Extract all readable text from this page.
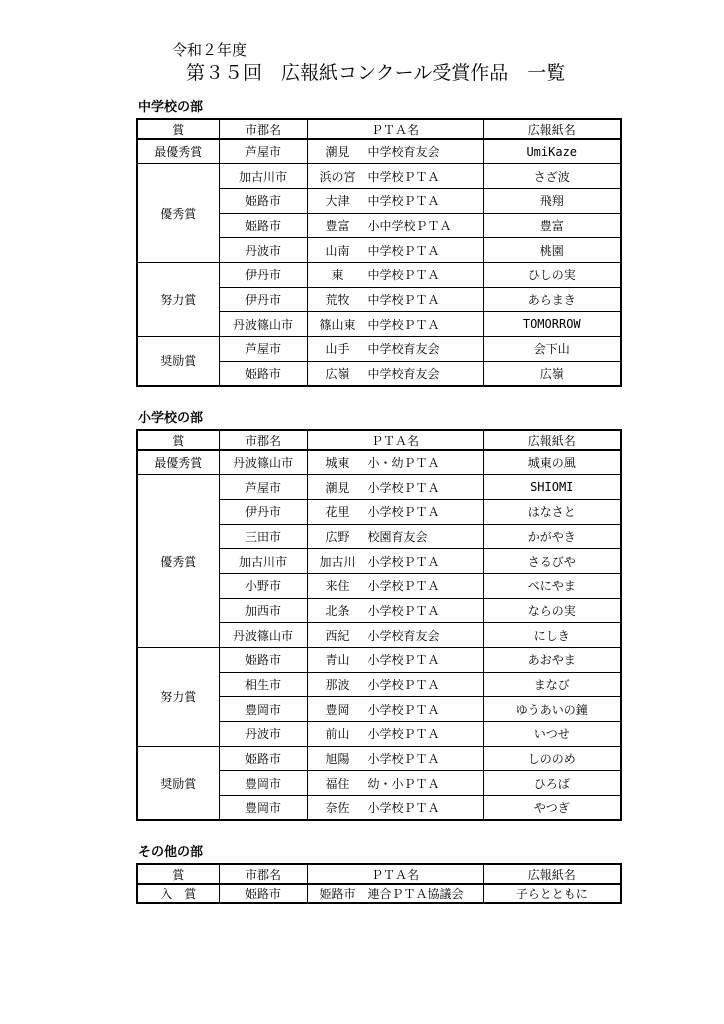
令和２年度
第３５回　広報紙コンクール受賞作品　一覧
中学校の部
賞	市郡名	ＰＴＡ名	広報紙名
最優秀賞	芦屋市	潮見 中学校育友会	UmiKaze
優秀賞	加古川市	浜の宮 中学校ＰＴＡ	さざ波
	姫路市	大津 中学校ＰＴＡ	飛翔
	姫路市	豊富 小中学校ＰＴＡ	豊富
	丹波市	山南 中学校ＰＴＡ	桃園
努力賞	伊丹市	東 中学校ＰＴＡ	ひしの実
	伊丹市	荒牧 中学校ＰＴＡ	あらまき
	丹波篠山市	篠山東 中学校ＰＴＡ	TOMORROW
奨励賞	芦屋市	山手 中学校育友会	会下山
	姫路市	広嶺 中学校育友会	広嶺
小学校の部
賞	市郡名	ＰＴＡ名	広報紙名
最優秀賞	丹波篠山市	城東 小・幼ＰＴＡ	城東の風
優秀賞	芦屋市	潮見 小学校ＰＴＡ	SHIOMI
	伊丹市	花里 小学校ＰＴＡ	はなさと
	三田市	広野 校園育友会	かがやき
	加古川市	加古川 小学校ＰＴＡ	さるびや
	小野市	来住 小学校ＰＴＡ	べにやま
	加西市	北条 小学校ＰＴＡ	ならの実
	丹波篠山市	西紀 小学校育友会	にしき
努力賞	姫路市	青山 小学校ＰＴＡ	あおやま
	相生市	那波 小学校ＰＴＡ	まなび
	豊岡市	豊岡 小学校ＰＴＡ	ゆうあいの鐘
	丹波市	前山 小学校ＰＴＡ	いつせ
奨励賞	姫路市	旭陽 小学校ＰＴＡ	しののめ
	豊岡市	福住 幼・小ＰＴＡ	ひろば
	豊岡市	奈佐 小学校ＰＴＡ	やつぎ
その他の部
賞	市郡名	ＰＴＡ名	広報紙名
入　賞	姫路市	姫路市 連合ＰＴＡ協議会	子らとともに
